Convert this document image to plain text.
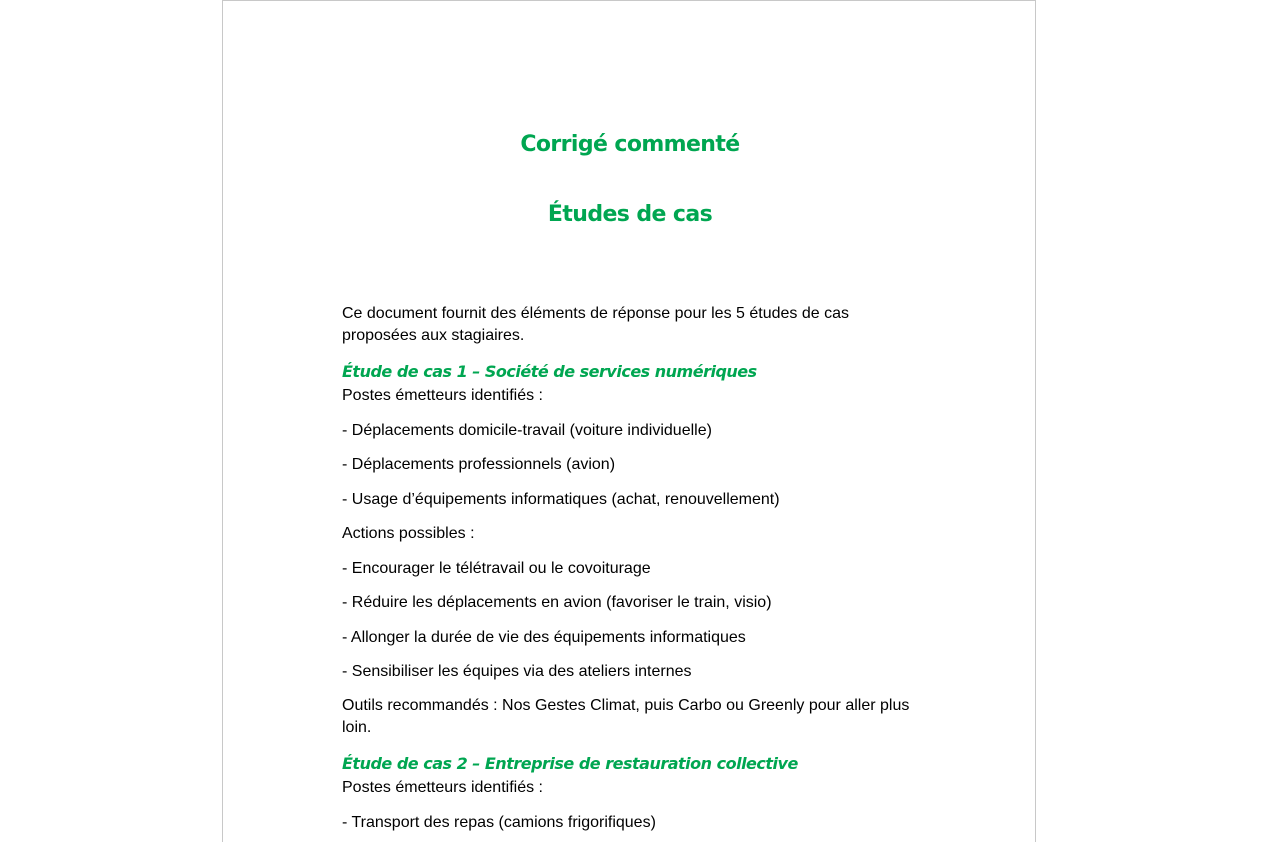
Corrigé commenté
Études de cas

Ce document fournit des éléments de réponse pour les 5 études de cas proposées aux stagiaires.

Étude de cas 1 – Société de services numériques

Postes émetteurs identifiés :

- Déplacements domicile-travail (voiture individuelle)

- Déplacements professionnels (avion)

- Usage d’équipements informatiques (achat, renouvellement)

Actions possibles :

- Encourager le télétravail ou le covoiturage

- Réduire les déplacements en avion (favoriser le train, visio)

- Allonger la durée de vie des équipements informatiques

- Sensibiliser les équipes via des ateliers internes

Outils recommandés : Nos Gestes Climat, puis Carbo ou Greenly pour aller plus loin.

Étude de cas 2 – Entreprise de restauration collective

Postes émetteurs identifiés :

- Transport des repas (camions frigorifiques)
